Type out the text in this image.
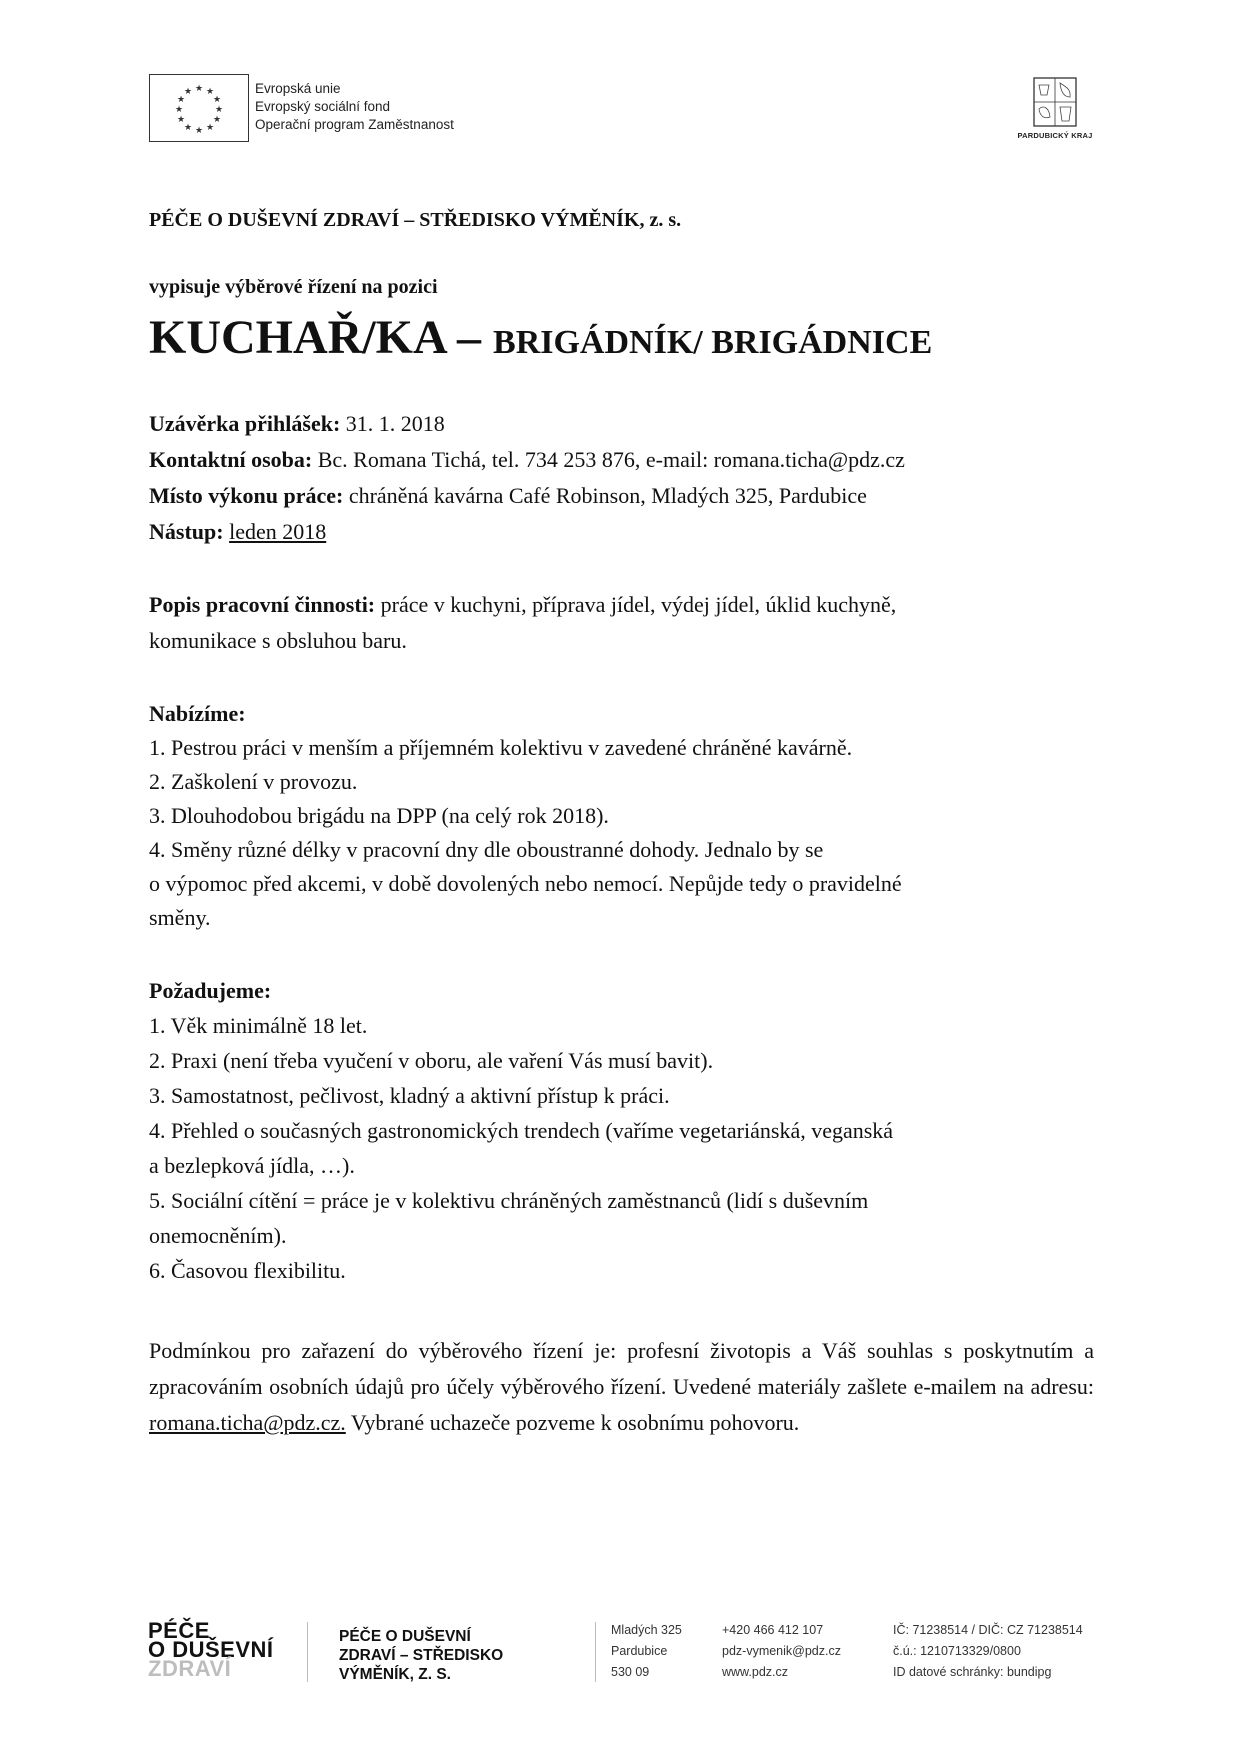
★ ★
★
★
★
★
★
★
★
★
★
★	Evropská unie
Evropský sociální fond
Operační program Zaměstnanost
PARDUBICKÝ KRAJ
PÉČE O DUŠEVNÍ ZDRAVÍ – STŘEDISKO VÝMĚNÍK, z. s.
vypisuje výběrové řízení na pozici
KUCHAŘ/KA – BRIGÁDNÍK/ BRIGÁDNICE
Uzávěrka přihlášek: 31. 1. 2018
Kontaktní osoba: Bc. Romana Tichá, tel. 734 253 876, e-mail: romana.ticha@pdz.cz
Místo výkonu práce: chráněná kavárna Café Robinson, Mladých 325, Pardubice
Nástup: leden 2018
Popis pracovní činnosti: práce v kuchyni, příprava jídel, výdej jídel, úklid kuchyně,
komunikace s obsluhou baru.
Nabízíme:
1. Pestrou práci v menším a příjemném kolektivu v zavedené chráněné kavárně.
2. Zaškolení v provozu.
3. Dlouhodobou brigádu na DPP (na celý rok 2018).
4. Směny různé délky v pracovní dny dle oboustranné dohody. Jednalo by se
o výpomoc před akcemi, v době dovolených nebo nemocí. Nepůjde tedy o pravidelné
směny.
Požadujeme:
1. Věk minimálně 18 let.
2. Praxi (není třeba vyučení v oboru, ale vaření Vás musí bavit).
3. Samostatnost, pečlivost, kladný a aktivní přístup k práci.
4. Přehled o současných gastronomických trendech (vaříme vegetariánská, veganská
a bezlepková jídla, …).
5. Sociální cítění = práce je v kolektivu chráněných zaměstnanců (lidí s duševním
onemocněním).
6. Časovou flexibilitu.
Podmínkou pro zařazení do výběrového řízení je: profesní životopis a Váš souhlas s poskytnutím a zpracováním osobních údajů pro účely výběrového řízení. Uvedené materiály zašlete e-mailem na adresu: romana.ticha@pdz.cz. Vybrané uchazeče pozveme k osobnímu pohovoru.
PÉČE
O DUŠEVNÍ
ZDRAVÍ
PÉČE O DUŠEVNÍ
ZDRAVÍ – STŘEDISKO
VÝMĚNÍK, Z. S.
Mladých 325
Pardubice
530 09
+420 466 412 107
pdz-vymenik@pdz.cz
www.pdz.cz
IČ: 71238514 / DIČ: CZ 71238514
č.ú.: 1210713329/0800
ID datové schránky: bundipg
